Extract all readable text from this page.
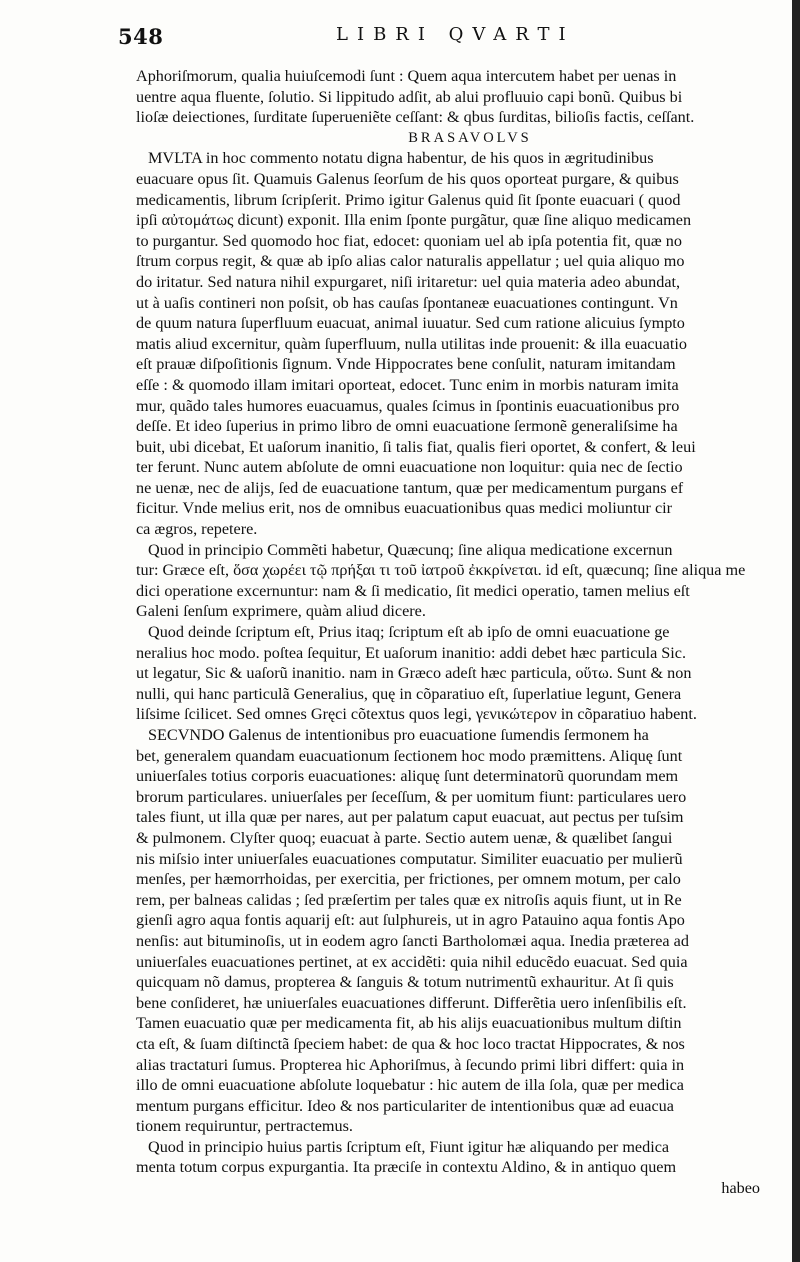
548	LIBRI QVARTI
Aphoriſmorum, qualia huiuſcemodi ſunt : Quem aqua intercutem habet per uenas in
uentre aqua fluente, ſolutio. Si lippitudo adſit, ab alui profluuio capi bonũ. Quibus bi
lioſæ deiectiones, ſurditate ſuperueniẽte ceſſant: & qbus ſurditas, bilioſis factis, ceſſant.
BRASAVOLVS
MVLTA in hoc commento notatu digna habentur, de his quos in ægritudinibus
euacuare opus ſit. Quamuis Galenus ſeorſum de his quos oporteat purgare, & quibus
medicamentis, librum ſcripſerit. Primo igitur Galenus quid ſit ſponte euacuari ( quod
ipſi αὐτομάτως dicunt) exponit. Illa enim ſponte purgãtur, quæ ſine aliquo medicamen
to purgantur. Sed quomodo hoc fiat, edocet: quoniam uel ab ipſa potentia fit, quæ no
ſtrum corpus regit, & quæ ab ipſo alias calor naturalis appellatur ; uel quia aliquo mo
do iritatur. Sed natura nihil expurgaret, niſi iritaretur: uel quia materia adeo abundat,
ut à uaſis contineri non poſsit, ob has cauſas ſpontaneæ euacuationes contingunt. Vn
de quum natura ſuperfluum euacuat, animal iuuatur. Sed cum ratione alicuius ſympto
matis aliud excernitur, quàm ſuperfluum, nulla utilitas inde prouenit: & illa euacuatio
eſt prauæ diſpoſitionis ſignum. Vnde Hippocrates bene conſulit, naturam imitandam
eſſe : & quomodo illam imitari oporteat, edocet. Tunc enim in morbis naturam imita
mur, quãdo tales humores euacuamus, quales ſcimus in ſpontinis euacuationibus pro
deſſe. Et ideo ſuperius in primo libro de omni euacuatione ſermonẽ generaliſsime ha
buit, ubi dicebat, Et uaſorum inanitio, ſi talis fiat, qualis fieri oportet, & confert, & leui
ter ferunt. Nunc autem abſolute de omni euacuatione non loquitur: quia nec de ſectio
ne uenæ, nec de alijs, ſed de euacuatione tantum, quæ per medicamentum purgans ef
ficitur. Vnde melius erit, nos de omnibus euacuationibus quas medici moliuntur cir
ca ægros, repetere.
Quod in principio Commẽti habetur, Quæcunq; ſine aliqua medicatione excernun
tur: Græce eſt, ὅσα χωρέει τῷ πρήξαι τι τοῦ ἰατροῦ ἐκκρίνεται. id eſt, quæcunq; ſine aliqua me
dici operatione excernuntur: nam & ſi medicatio, ſit medici operatio, tamen melius eſt
Galeni ſenſum exprimere, quàm aliud dicere.
Quod deinde ſcriptum eſt, Prius itaq; ſcriptum eſt ab ipſo de omni euacuatione ge
neralius hoc modo. poſtea ſequitur, Et uaſorum inanitio: addi debet hæc particula Sic.
ut legatur, Sic & uaſorũ inanitio. nam in Græco adeſt hæc particula, οὕτω. Sunt & non
nulli, qui hanc particulã Generalius, quę in cõparatiuo eſt, ſuperlatiue legunt, Genera
liſsime ſcilicet. Sed omnes Gręci cõtextus quos legi, γενικώτερον in cõparatiuo habent.
SECVNDO Galenus de intentionibus pro euacuatione ſumendis ſermonem ha
bet, generalem quandam euacuationum ſectionem hoc modo præmittens. Aliquę ſunt
uniuerſales totius corporis euacuationes: aliquę ſunt determinatorũ quorundam mem
brorum particulares. uniuerſales per ſeceſſum, & per uomitum fiunt: particulares uero
tales fiunt, ut illa quæ per nares, aut per palatum caput euacuat, aut pectus per tuſsim
& pulmonem. Clyſter quoq; euacuat à parte. Sectio autem uenæ, & quælibet ſangui
nis miſsio inter uniuerſales euacuationes computatur. Similiter euacuatio per mulierũ
menſes, per hæmorrhoidas, per exercitia, per frictiones, per omnem motum, per calo
rem, per balneas calidas ; ſed præſertim per tales quæ ex nitroſis aquis fiunt, ut in Re
gienſi agro aqua fontis aquarij eſt: aut ſulphureis, ut in agro Patauino aqua fontis Apo
nenſis: aut bituminoſis, ut in eodem agro ſancti Bartholomæi aqua. Inedia præterea ad
uniuerſales euacuationes pertinet, at ex accidẽti: quia nihil educẽdo euacuat. Sed quia
quicquam nõ damus, propterea & ſanguis & totum nutrimentũ exhauritur. At ſi quis
bene conſideret, hæ uniuerſales euacuationes differunt. Differẽtia uero inſenſibilis eſt.
Tamen euacuatio quæ per medicamenta fit, ab his alijs euacuationibus multum diſtin
cta eſt, & ſuam diſtinctã ſpeciem habet: de qua & hoc loco tractat Hippocrates, & nos
alias tractaturi ſumus. Propterea hic Aphoriſmus, à ſecundo primi libri differt: quia in
illo de omni euacuatione abſolute loquebatur : hic autem de illa ſola, quæ per medica
mentum purgans efficitur. Ideo & nos particulariter de intentionibus quæ ad euacua
tionem requiruntur, pertractemus.
Quod in principio huius partis ſcriptum eſt, Fiunt igitur hæ aliquando per medica
menta totum corpus expurgantia. Ita præciſe in contextu Aldino, & in antiquo quem
habeo
